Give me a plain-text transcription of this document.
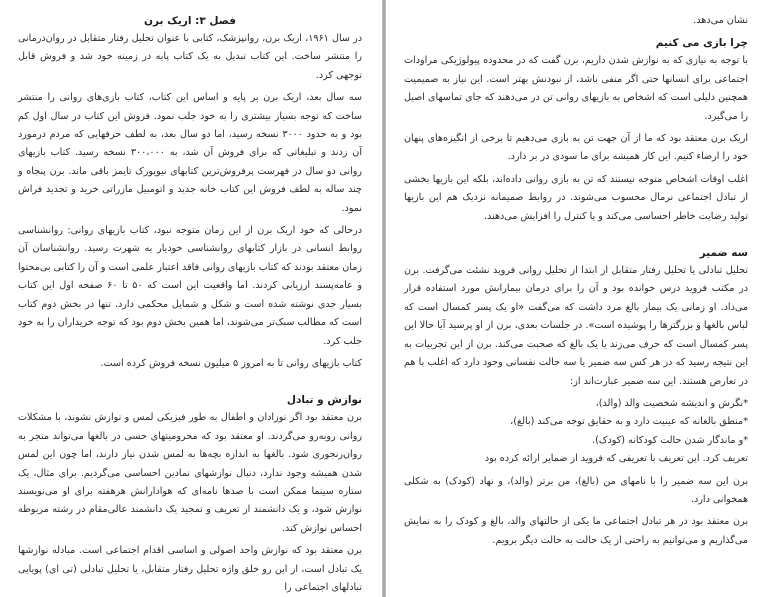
فصل ۳: اریک برن

در سال ۱۹۶۱، اریک برن، روانپزشک، کتابی با عنوان تحلیل رفتار متقابل در روان‌درمانی را منتشر ساخت. این کتاب تبدیل به یک کتاب پایه در زمینه خود شد و فروش قابل توجهی کرد.

سه سال بعد، اریک برن بر پایه و اساس این کتاب، کتاب بازی‌های روانی را منتشر ساخت که توجه بسیار بیشتری را به خود جلب نمود. فروش این کتاب در سال اول کم بود و به حدود ۳۰۰۰ نسخه رسید، اما دو سال بعد، به لطف حرفهایی که مردم درمورد آن زدند و تبلیغاتی که برای فروش آن شد، به ۳۰۰،۰۰۰ نسخه رسید. کتاب بازیهای روانی دو سال در فهرست پرفروش‌ترین کتابهای نیویورک تایمز باقی ماند. برن پنجاه و چند ساله به لطف فروش این کتاب خانه جدید و اتومبیل مازراتی خرید و تجدید فراش نمود.

درحالی که خود اریک برن از این زمان متوجه نبود، کتاب بازیهای روانی: روانشناسی روابط انسانی در بازار کتابهای روانشناسی خودیار به شهرت رسید. روانشناسان آن زمان معتقد بودند که کتاب بازیهای روانی فاقد اعتبار علمی است و آن را کتابی بی‌محتوا و عامه‌پسند ارزیابی کردند. اما واقعیت این است که ۵۰ تا ۶۰ صفحه اول این کتاب بسیار جدی نوشته شده است و شکل و شمایل محکمی دارد. تنها در بخش دوم کتاب است که مطالب سبک‌تر می‌شوند، اما همین بخش دوم بود که توجه خریداران را به خود جلب کرد.

کتاب بازیهای روانی تا به امروز ۵ میلیون نسخه فروش کرده است.

نوازش و تبادل

برن معتقد بود اگر نوزادان و اطفال به طور فیزیکی لمس و نوازش نشوند، با مشکلات روانی روبه‌رو می‌گردند. او معتقد بود که محرومیتهای حسی در بالغها می‌تواند منجر به روان‌رنجوری شود. بالغها به اندازه بچه‌ها به لمس شدن نیاز دارند، اما چون این لمس شدن همیشه وجود ندارد، دنبال نوازشهای نمادین احساسی می‌گردیم. برای مثال، یک ستاره سینما ممکن است با صدها نامه‌ای که هوادارانش هرهفته برای او می‌نویسند نوازش شود، و یک دانشمند از تعریف و تمجید یک دانشمند عالی‌مقام در رشته مربوطه احساس نوازش کند.

برن معتقد بود که نوازش واحد اصولی و اساسی اقدام اجتماعی است. مبادله نوازشها یک تبادل است، از این رو خلق واژه تحلیل رفتار متقابل، یا تحلیل تبادلی (تی ای) پویایی تبادلهای اجتماعی را

نشان می‌دهد.

چرا بازی می کنیم

با توجه به نیازی که به نوازش شدن داریم، برن گفت که در محدوده پیولوژیکی مراودات اجتماعی برای انسانها حتی اگر منفی باشد، از نبودنش بهتر است. این نیاز به صمیمیت همچنین دلیلی است که اشخاص به بازیهای روانی تن در می‌دهند که جای تماسهای اصیل را می‌گیرد.

اریک برن معتقد بود که ما از آن جهت تن به بازی می‌دهیم تا برخی از انگیزه‌های پنهان خود را ارضاء کنیم. این کار همیشه برای ما سودی در بر دارد.

اغلب اوقات اشخاص متوجه نیستند که تن به بازی روانی داده‌اند، بلکه این بازیها بخشی از تبادل اجتماعی نرمال محسوب می‌شوند. در روابط صمیمانه نزدیک هم این بازیها تولید رضایت خاطر احساسی می‌کند و یا کنترل را افزایش می‌دهند.

سه ضمیر

تحلیل تبادلی یا تحلیل رفتار متقابل از ابتدا از تحلیل روانی فروید نشئت می‌گرفت. برن در مکتب فروید درس خوانده بود و آن را برای درمان بیمارانش مورد استفاده قرار می‌داد. او زمانی یک بیمار بالغ مرد داشت که می‌گفت «او یک پسر کمسال است که لباس بالغها و بزرگترها را پوشیده است». در جلسات بعدی، برن از او پرسید آیا حالا این پسر کمسال است که حرف می‌زند یا یک بالغ که صحبت می‌کند. برن از این تجربیات به این نتیجه رسید که در هر کس سه ضمیر یا سه حالت نفسانی وجود دارد که اغلب با هم در تعارض هستند. این سه ضمیر عبارت‌اند از:

*نگرش و اندیشه شخصیت والد (والد)،

*منطق بالغانه که عینیت دارد و به حقایق توجه می‌کند (بالغ)،

*و ماندگار شدن حالت کودکانه (کودک).

تعریف کرد. این تعریف با تعریفی که فروید از ضمایر ارائه کرده بود

برن این سه ضمیر را با نامهای من (بالغ)، من برتر (والد)، و نهاد (کودک) به شکلی همخوانی دارد.

برن معتقد بود در هر تبادل اجتماعی ما یکی از حالتهای والد، بالغ و کودک را به نمایش می‌گذاریم و می‌توانیم به راحتی از یک حالت به حالت دیگر برویم.
